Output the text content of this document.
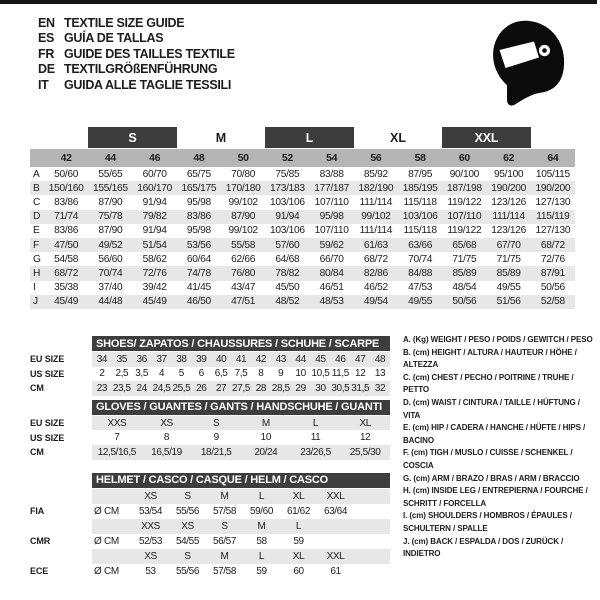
EN TEXTILE SIZE GUIDE
ES GUÍA DE TALLAS
FR GUIDE DES TAILLES TEXTILE
DE TEXTILGRÖßENFÜHRUNG
IT	GUIDA ALLE TAGLIE TESSILI
S	M	L	XL	XXL
42	44	46	48	50	52	54	56	58	60	62	64
A	50/60	55/65	60/70	65/75	70/80	75/85	83/88	85/92	87/95	90/100	95/100	105/115
B 150/160 155/165 160/170 165/175 170/180 173/183 177/187 182/190 185/195 187/198 190/200 190/200
C	83/86	87/90	91/94	95/98	99/102	103/106 107/110	111/114	115/118	119/122 123/126 127/130
D	71/74	75/78	79/82	83/86	87/90	91/94	95/98	99/102	103/106 107/110	111/114	115/119
E	83/86	87/90	91/94	95/98	99/102	103/106 107/110	111/114	115/118	119/122 123/126 127/130
F	47/50	49/52	51/54	53/56	55/58	57/60	59/62	61/63	63/66	65/68	67/70	68/72
G	54/58	56/60	58/62	60/64	62/66	64/68	66/70	68/72	70/74	71/75	71/75	72/76
H	68/72	70/74	72/76	74/78	76/80	78/82	80/84	82/86	84/88	85/89	85/89	87/91
I	35/38	37/40	39/42	41/45	43/47	45/50	46/51	46/52	47/53	48/54	49/55	50/56
J	45/49	44/48	45/49	46/50	47/51	48/52	48/53	49/54	49/55	50/56	51/56	52/58
SHOES/ ZAPATOS / CHAUSSURES / SCHUHE / SCARPE
EU SIZE	34 35 36 37 38 39 40 41 42 43 44 45 46 47 48
US SIZE	2	2,5 3,5	4	5	6	6,5 7,5	8	9	10 10,5 11,5 12 13
CM	23 23,5 24 24,5 25,5 26 27 27,5 28 28,5 29 30 30,5 31,5 32
GLOVES / GUANTES / GANTS / HANDSCHUHE / GUANTI
EU SIZE	XXS	XS	S	M	L	XL
US SIZE	7	8	9	10	11	12
CM	12,5/16,5	16,5/19	18/21,5	20/24	23/26,5	25,5/30
HELMET / CASCO / CASQUE / HELM / CASCO
XS	S	M	L	XL	XXL
FIA	Ø CM	53/54	55/56	57/58	59/60	61/62	63/64
XXS	XS	S	M	L
CMR	Ø CM	52/53	54/55	56/57	58	59
XS	S	M	L	XL	XXL
ECE	Ø CM	53	55/56	57/58	59	60	61
A. (Kg) WEIGHT / PESO / POIDS / GEWITCH / PESO
B. (cm) HEIGHT / ALTURA / HAUTEUR / HÖHE / ALTEZZA
C. (cm) CHEST / PECHO / POITRINE / TRUHE / PETTO
D. (cm) WAIST / CINTURA / TAILLE / HÜFTUNG / VITA
E. (cm) HIP / CADERA / HANCHE / HÜFTE / HIPS / BACINO
F. (cm) TIGH / MUSLO / CUISSE / SCHENKEL / COSCIA
G. (cm) ARM / BRAZO / BRAS / ARM / BRACCIO
H. (cm) INSIDE LEG / ENTREPIERNA / FOURCHE / SCHRITT / FORCELLA
I. (cm) SHOULDERS / HOMBROS / ÉPAULES / SCHULTERN / SPALLE
J. (cm) BACK / ESPALDA / DOS / ZURÜCK / INDIETRO
